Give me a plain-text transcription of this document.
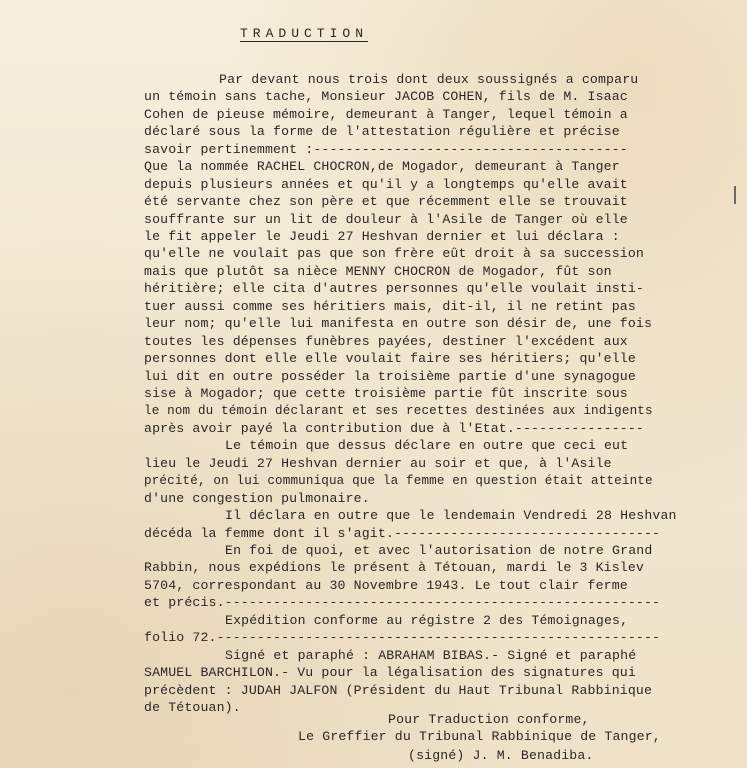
TRADUCTION
Par devant nous trois dont deux soussignés a comparu
un témoin sans tache, Monsieur JACOB COHEN, fils de M. Isaac
Cohen de pieuse mémoire, demeurant à Tanger, lequel témoin a
déclaré sous la forme de l'attestation régulière et précise
savoir pertinemment :---------------------------------------
Que la nommée RACHEL CHOCRON,de Mogador, demeurant à Tanger
depuis plusieurs années et qu'il y a longtemps qu'elle avait
été servante chez son père et que récemment elle se trouvait
souffrante sur un lit de douleur à l'Asile de Tanger où elle
le fit appeler le Jeudi 27 Heshvan dernier et lui déclara :
qu'elle ne voulait pas que son frère eût droit à sa succession
mais que plutôt sa nièce MENNY CHOCRON de Mogador, fût son
héritière; elle cita d'autres personnes qu'elle voulait insti-
tuer aussi comme ses héritiers mais, dit-il, il ne retint pas
leur nom; qu'elle lui manifesta en outre son désir de, une fois
toutes les dépenses funèbres payées, destiner l'excédent aux
personnes dont elle elle voulait faire ses héritiers; qu'elle
lui dit en outre posséder la troisième partie d'une synagogue
sise à Mogador; que cette troisième partie fût inscrite sous
le nom du témoin déclarant et ses recettes destinées aux indigents
après avoir payé la contribution due à l'Etat.----------------
Le témoin que dessus déclare en outre que ceci eut
lieu le Jeudi 27 Heshvan dernier au soir et que, à l'Asile
précité, on lui communiqua que la femme en question était atteinte
d'une congestion pulmonaire.
Il déclara en outre que le lendemain Vendredi 28 Heshvan
décéda la femme dont il s'agit.---------------------------------
En foi de quoi, et avec l'autorisation de notre Grand
Rabbin, nous expédions le présent à Tétouan, mardi le 3 Kislev
5704, correspondant au 30 Novembre 1943. Le tout clair ferme
et précis.------------------------------------------------------
Expédition conforme au régistre 2 des Témoignages,
folio 72.-------------------------------------------------------
Signé et paraphé : ABRAHAM BIBAS.- Signé et paraphé
SAMUEL BARCHILON.- Vu pour la légalisation des signatures qui
précèdent : JUDAH JALFON (Président du Haut Tribunal Rabbinique
de Tétouan).
Pour Traduction conforme,
Le Greffier du Tribunal Rabbinique de Tanger,
(signé) J. M. Benadiba.
